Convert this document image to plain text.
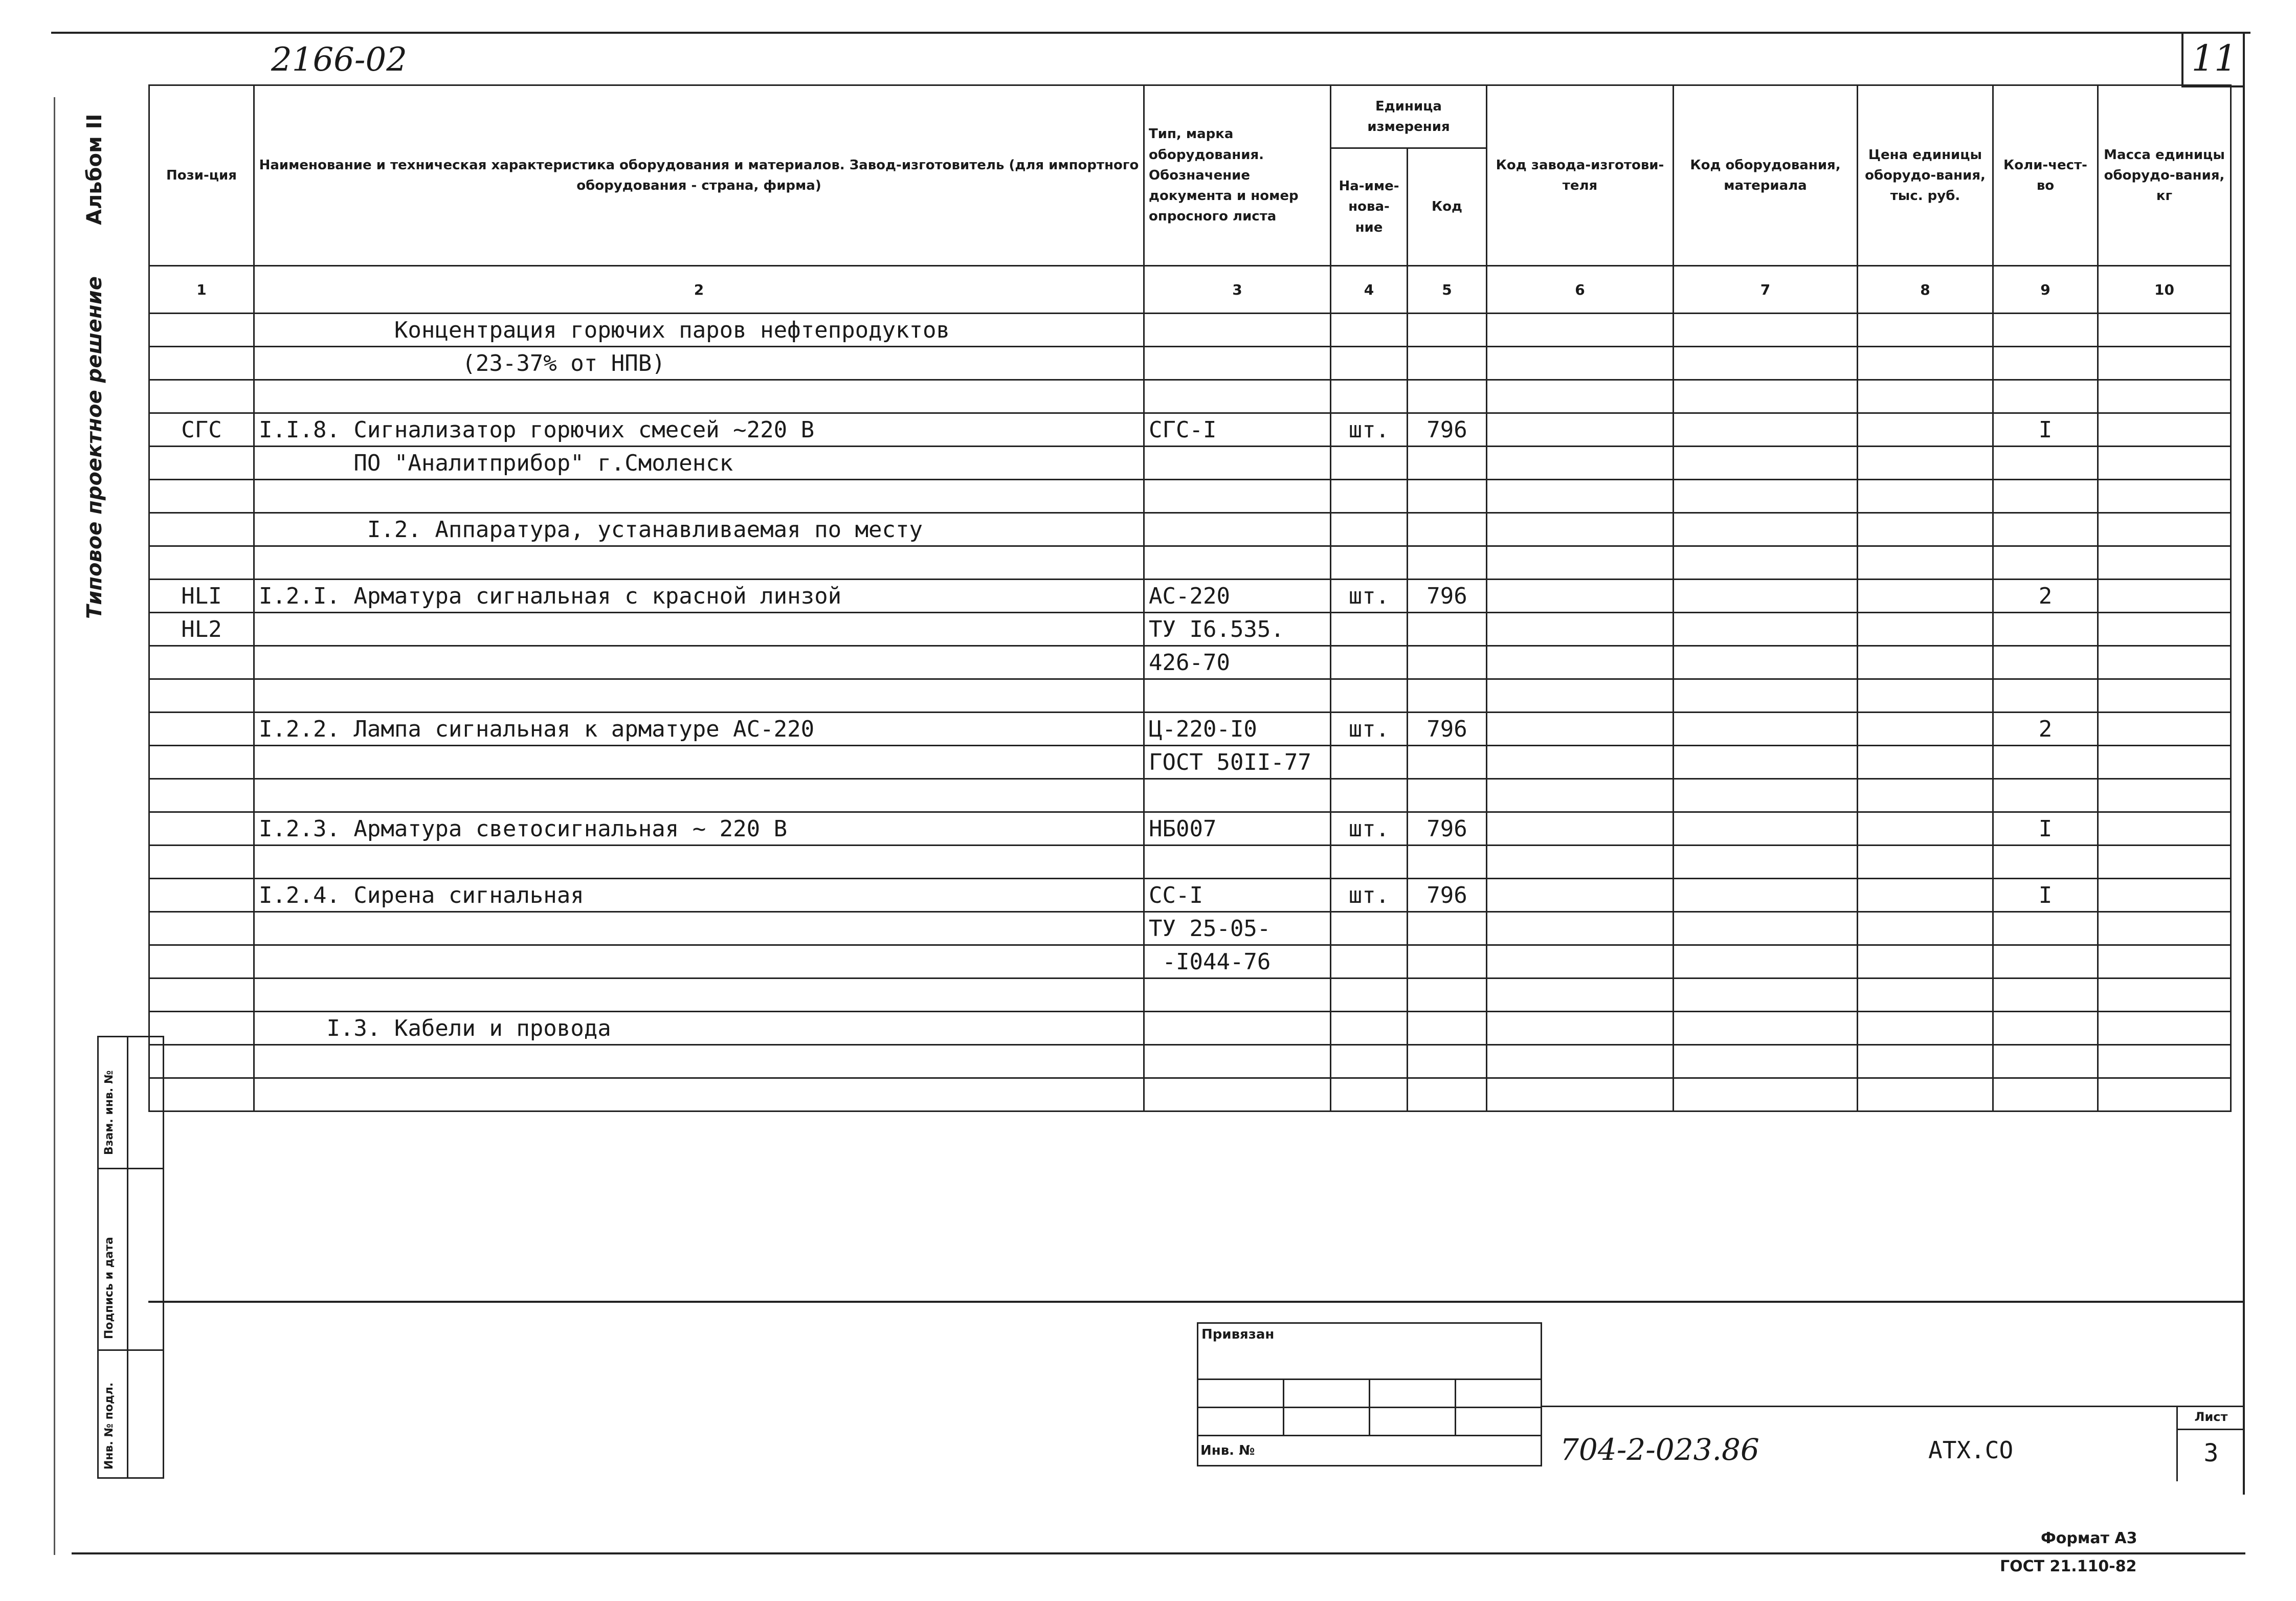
2166-02	11
Альбом II
Типовое проектное решение
Взам. инв. №
Подпись и дата
Инв. № подл.
Пози-ция	Наименование и техническая характеристика оборудования и материалов. Завод-изготовитель (для импортного оборудования - страна, фирма)	Тип, марка оборудования. Обозначение документа и номер опросного листа	Единица измерения		Код завода-изготови-теля	Код оборудования, материала	Цена единицы оборудо-вания, тыс. руб.	Коли-чест-во	Масса единицы оборудо-вания, кг
			На-име-нова-ние	Код					
1	2	3	4	5	6	7	8	9	10
	Концентрация горючих паров нефтепродуктов								
	(23-37% от НПВ)								

СГС	I.I.8. Сигнализатор горючих смесей ~220 В	СГС-I	шт.	796				I	
	ПО "Аналитприбор" г.Смоленск								

	I.2. Аппаратура, устанавливаемая по месту								

HLI	I.2.I. Арматура сигнальная с красной линзой	АС-220	шт.	796				2	
HL2		ТУ I6.535.							
		426-70							

	I.2.2. Лампа сигнальная к арматуре АС-220	Ц-220-I0	шт.	796				2	
		ГОСТ 50II-77							

	I.2.3. Арматура светосигнальная ~ 220 В	НБ007	шт.	796				I	

	I.2.4. Сирена сигнальная	СС-I	шт.	796				I	
		ТУ 25-05-							
		-I044-76							

	I.3. Кабели и провода								

Привязан			

Инв. №				704-2-023.86	АТХ.СО
Лист
3
Формат А3
ГОСТ 21.110-82
